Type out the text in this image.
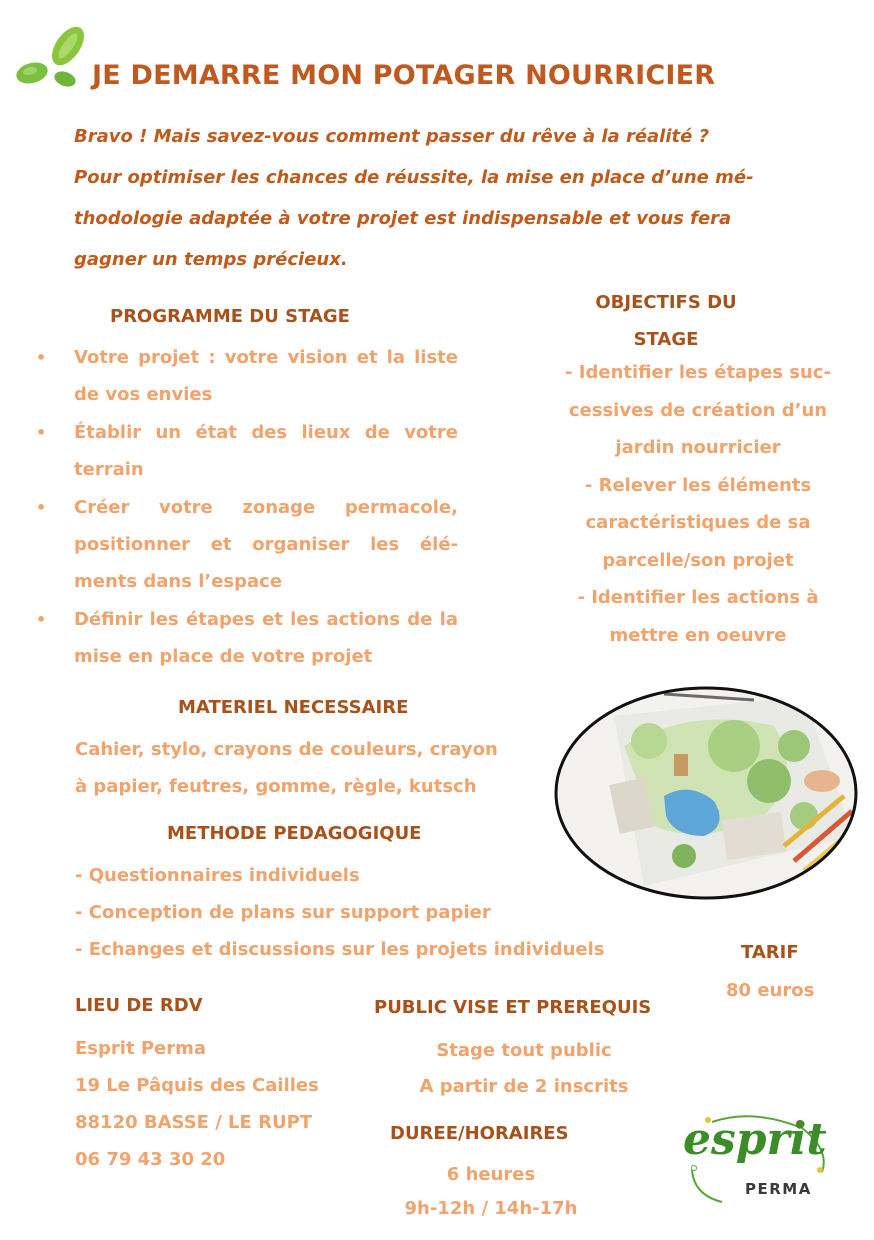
JE DEMARRE MON POTAGER NOURRICIER
Bravo ! Mais savez-vous comment passer du rêve à la réalité ?
Pour optimiser les chances de réussite, la mise en place d’une mé-
thodologie adaptée à votre projet est indispensable et vous fera
gagner un temps précieux.
PROGRAMME DU STAGE
• Votre projet : votre vision et la liste de vos envies
• Établir un état des lieux de votre terrain
• Créer votre zonage permacole, positionner et organiser les élé-ments dans l’espace
• Définir les étapes et les actions de la mise en place de votre projet
OBJECTIFS DU
STAGE
- Identifier les étapes suc-
cessives de création d’un
jardin nourricier
- Relever les éléments
caractéristiques de sa
parcelle/son projet
- Identifier les actions à
mettre en oeuvre
MATERIEL NECESSAIRE
Cahier, stylo, crayons de couleurs, crayon
à papier, feutres, gomme, règle, kutsch
METHODE PEDAGOGIQUE
- Questionnaires individuels
- Conception de plans sur support papier
- Echanges et discussions sur les projets individuels	TARIF
80 euros
LIEU DE RDV
Esprit Perma
19 Le Pâquis des Cailles
88120 BASSE / LE RUPT
06 79 43 30 20
PUBLIC VISE ET PREREQUIS
Stage tout public
A partir de 2 inscrits
DUREE/HORAIRES
6 heures
9h-12h / 14h-17h
esprit
PERMA
